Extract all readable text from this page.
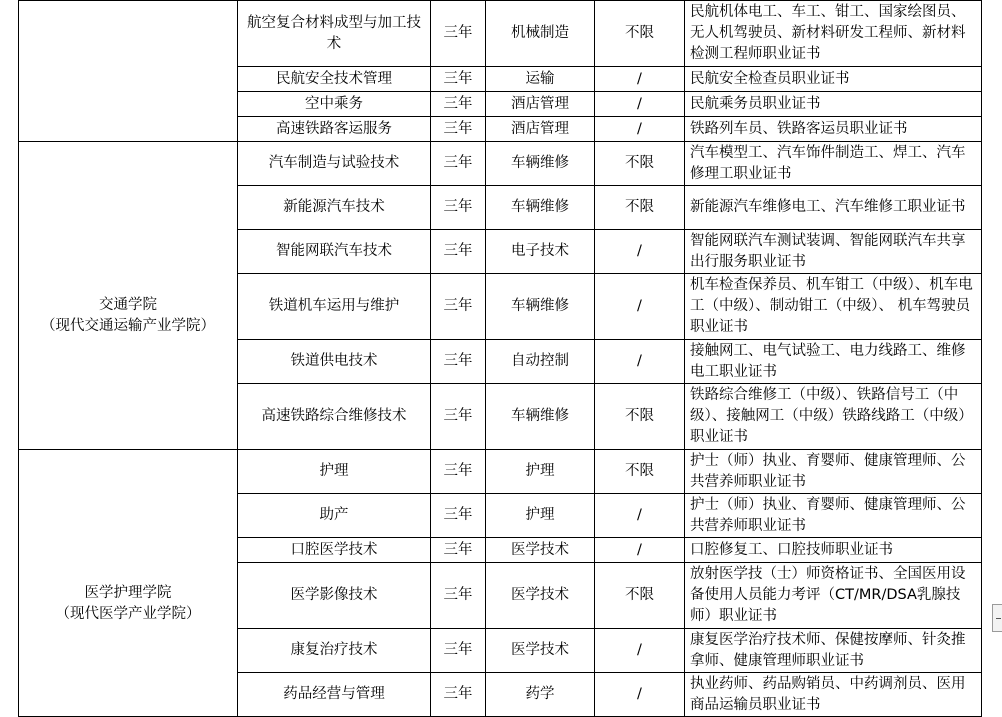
	航空复合材料成型与加工技术	三年	机械制造	不限	民航机体电工、车工、钳工、国家绘图员、无人机驾驶员、新材料研发工程师、新材料检测工程师职业证书
	民航安全技术管理	三年	运输	/	民航安全检查员职业证书
	空中乘务	三年	酒店管理	/	民航乘务员职业证书
	高速铁路客运服务	三年	酒店管理	/	铁路列车员、铁路客运员职业证书

交通学院
（现代交通运输产业学院）	汽车制造与试验技术	三年	车辆维修	不限	汽车模型工、汽车饰件制造工、焊工、汽车修理工职业证书
	新能源汽车技术	三年	车辆维修	不限	新能源汽车维修电工、汽车维修工职业证书
	智能网联汽车技术	三年	电子技术	/	智能网联汽车测试装调、智能网联汽车共享出行服务职业证书
	铁道机车运用与维护	三年	车辆维修	/	机车检查保养员、机车钳工（中级）、机车电工（中级）、制动钳工（中级）、 机车驾驶员职业证书
	铁道供电技术	三年	自动控制	/	接触网工、电气试验工、电力线路工、维修电工职业证书
	高速铁路综合维修技术	三年	车辆维修	不限	铁路综合维修工（中级）、铁路信号工（中级）、接触网工（中级）铁路线路工（中级）职业证书

医学护理学院
（现代医学产业学院）	护理	三年	护理	不限	护士（师）执业、育婴师、健康管理师、公共营养师职业证书
	助产	三年	护理	/	护士（师）执业、育婴师、健康管理师、公共营养师职业证书
	口腔医学技术	三年	医学技术	/	口腔修复工、口腔技师职业证书
	医学影像技术	三年	医学技术	不限	放射医学技（士）师资格证书、全国医用设备使用人员能力考评（CT/MR/DSA乳腺技师）职业证书
	康复治疗技术	三年	医学技术	/	康复医学治疗技术师、保健按摩师、针灸推拿师、健康管理师职业证书
	药品经营与管理	三年	药学	/	执业药师、药品购销员、中药调剂员、医用商品运输员职业证书
